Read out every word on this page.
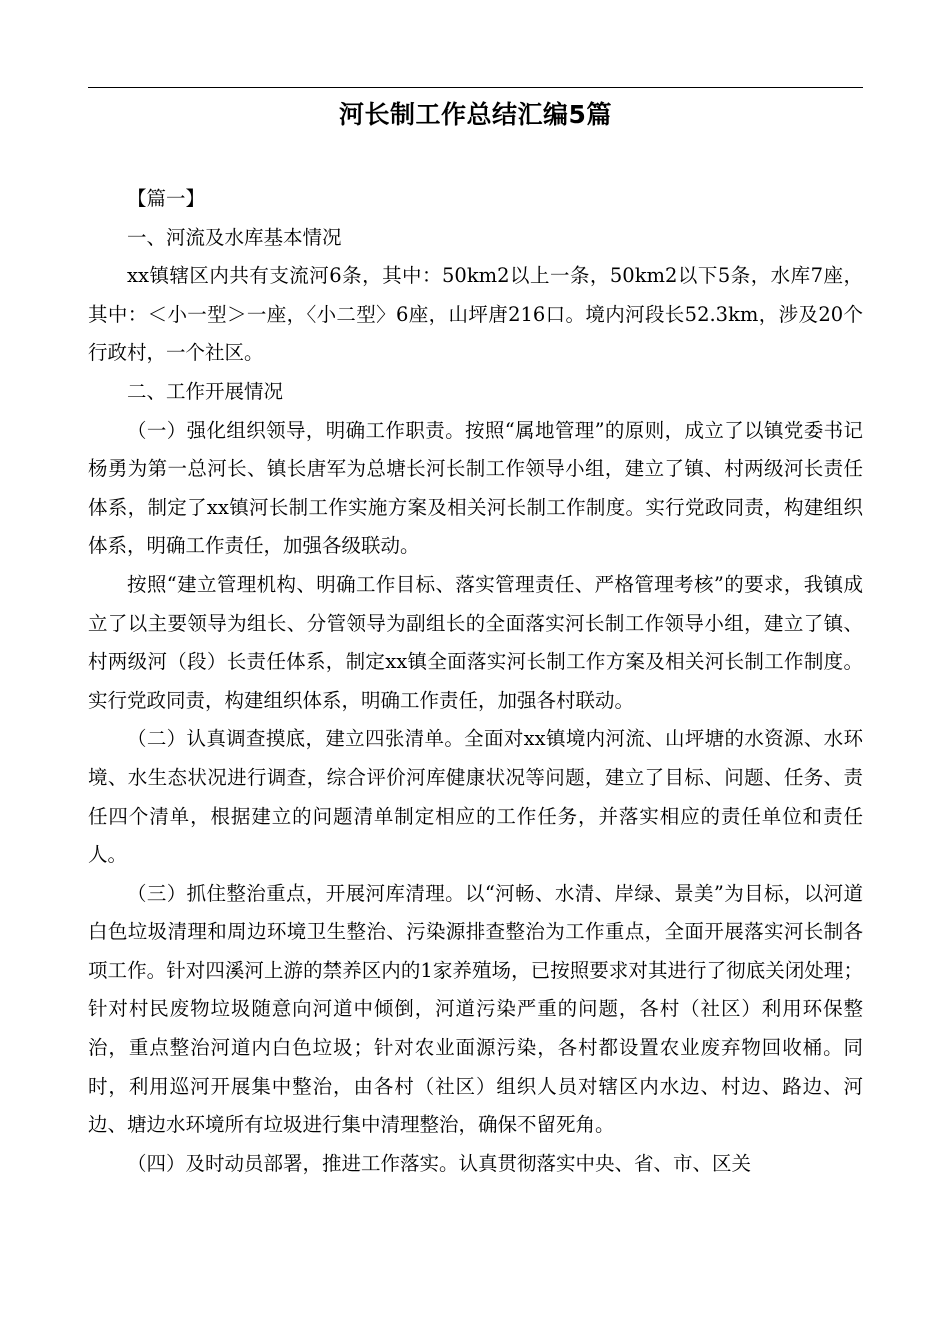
河长制工作总结汇编5篇

【篇一】

一、河流及水库基本情况

xx镇辖区内共有支流河6条，其中：50km2以上一条，50km2以下5条，水库7座，其中：＜小一型＞一座，〈小二型〉6座，山坪唐216口。境内河段长52.3km，涉及20个行政村，一个社区。

二、工作开展情况

（一）强化组织领导，明确工作职责。按照“属地管理”的原则，成立了以镇党委书记杨勇为第一总河长、镇长唐军为总塘长河长制工作领导小组，建立了镇、村两级河长责任体系，制定了xx镇河长制工作实施方案及相关河长制工作制度。实行党政同责，构建组织体系，明确工作责任，加强各级联动。

按照“建立管理机构、明确工作目标、落实管理责任、严格管理考核”的要求，我镇成立了以主要领导为组长、分管领导为副组长的全面落实河长制工作领导小组，建立了镇、村两级河（段）长责任体系，制定xx镇全面落实河长制工作方案及相关河长制工作制度。实行党政同责，构建组织体系，明确工作责任，加强各村联动。

（二）认真调查摸底，建立四张清单。全面对xx镇境内河流、山坪塘的水资源、水环境、水生态状况进行调查，综合评价河库健康状况等问题，建立了目标、问题、任务、责任四个清单，根据建立的问题清单制定相应的工作任务，并落实相应的责任单位和责任人。

（三）抓住整治重点，开展河库清理。以“河畅、水清、岸绿、景美”为目标，以河道白色垃圾清理和周边环境卫生整治、污染源排查整治为工作重点，全面开展落实河长制各项工作。针对四溪河上游的禁养区内的1家养殖场，已按照要求对其进行了彻底关闭处理；针对村民废物垃圾随意向河道中倾倒，河道污染严重的问题，各村（社区）利用环保整治，重点整治河道内白色垃圾；针对农业面源污染，各村都设置农业废弃物回收桶。同时，利用巡河开展集中整治，由各村（社区）组织人员对辖区内水边、村边、路边、河边、塘边水环境所有垃圾进行集中清理整治，确保不留死角。

（四）及时动员部署，推进工作落实。认真贯彻落实中央、省、市、区关
